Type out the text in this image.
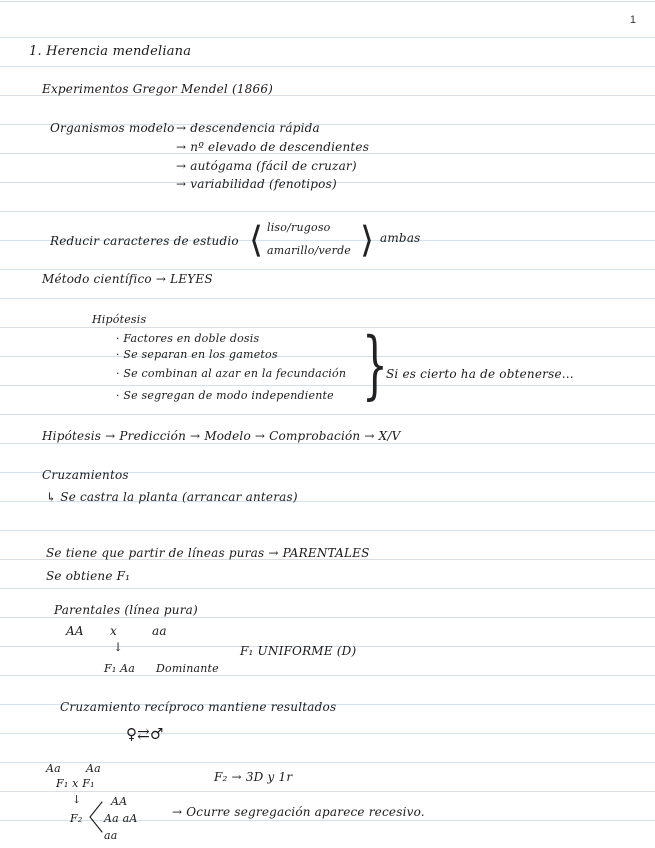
1
1. Herencia mendeliana
Experimentos Gregor Mendel (1866)
Organismos modelo → descendencia rápida
→ nº elevado de descendientes
→ autógama (fácil de cruzar)
→ variabilidad (fenotipos)
Reducir caracteres de estudio ⟨ liso/rugoso
amarillo/verde ⟩ ambas
Método científico → LEYES
Hipótesis
· Factores en doble dosis
· Se separan en los gametos
· Se combinan al azar en la fecundación
· Se segregan de modo independiente }
Si es cierto ha de obtenerse...
Hipótesis → Predicción → Modelo → Comprobación → X/V
Cruzamientos
↳ Se castra la planta (arrancar anteras)
Se tiene que partir de líneas puras → PARENTALES
Se obtiene F₁
Parentales (línea pura)
AA x	aa
↓
F₁ Aa Dominante
F₁ UNIFORME (D)
Cruzamiento recíproco mantiene resultados
♀⇄♂
Aa Aa
F₁ x F₁
↓
F₂
AA
Aa aA
aa
F₂ → 3D y 1r
→ Ocurre segregación aparece recesivo.
